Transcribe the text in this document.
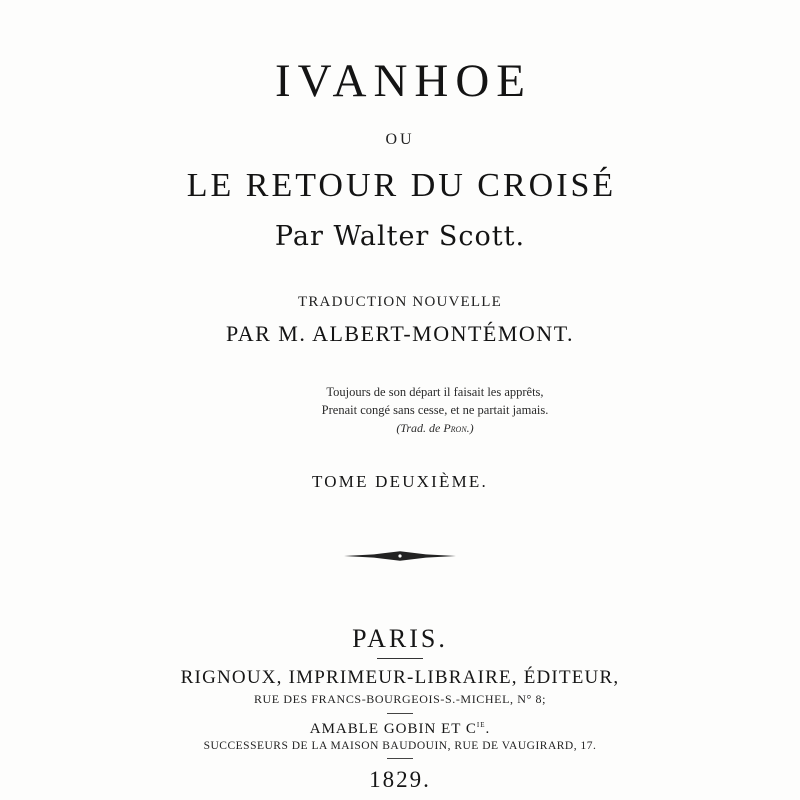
IVANHOE
OU
LE RETOUR DU CROISÉ
Par Walter Scott.
TRADUCTION NOUVELLE
PAR M. ALBERT-MONTÉMONT.
Toujours de son départ il faisait les apprêts,
Prenait congé sans cesse, et ne partait jamais.
(Trad. de Pron.)
TOME DEUXIÈME.
PARIS.
RIGNOUX, IMPRIMEUR-LIBRAIRE, ÉDITEUR,
RUE DES FRANCS-BOURGEOIS-S.-MICHEL, N° 8;
AMABLE GOBIN ET $C^{ie}$.
SUCCESSEURS DE LA MAISON BAUDOUIN, RUE DE VAUGIRARD, 17.
1829.
